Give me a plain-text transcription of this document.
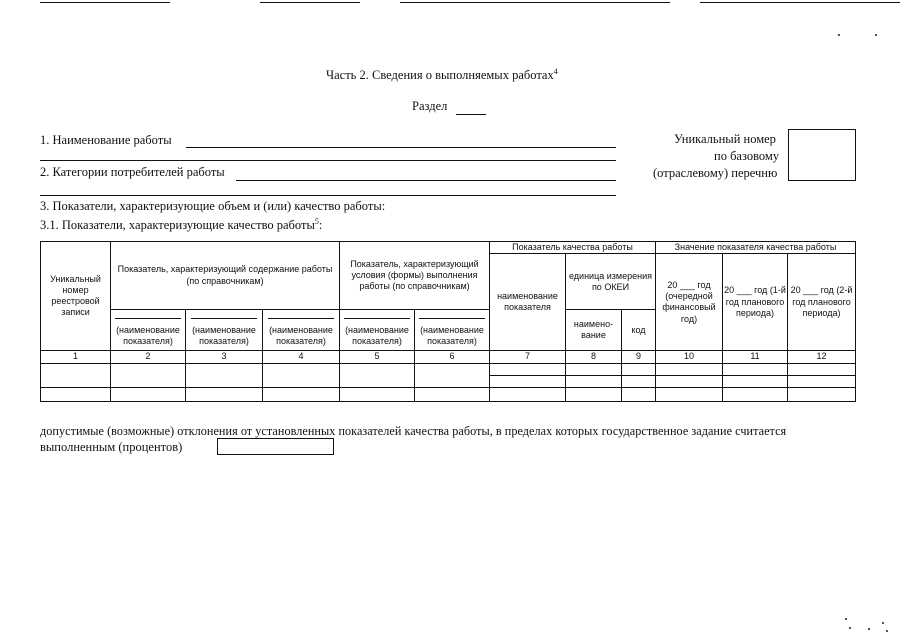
Часть 2. Сведения о выполняемых работах$^4$
Раздел
1. Наименование работы
2. Категории потребителей работы
Уникальный номер
по базовому
(отраслевому) перечню
3. Показатели, характеризующие объем и (или) качество работы:
3.1. Показатели, характеризующие качество работы$^5$:
Уникальный номер реестровой записи	Показатель, характеризующий содержание работы (по справочникам)			Показатель, характеризующий условия (формы) выполнения работы (по справочникам)		Показатель качества работы			Значение показателя качества работы		
						наименование показателя	единица измерения по ОКЕИ		20 ___ год (очередной финансовый год)	20 ___ год (1-й год планового периода)	20 ___ год (2-й год планового периода)

(наименование показателя)	(наименование показателя)	(наименование показателя)	(наименование показателя)	(наименование показателя)		наимено-вание	код			
1	2	3	4	5	6	7	8	9	10	11	12

допустимые (возможные) отклонения от установленных показателей качества работы, в пределах которых государственное задание считается
выполненным (процентов)
